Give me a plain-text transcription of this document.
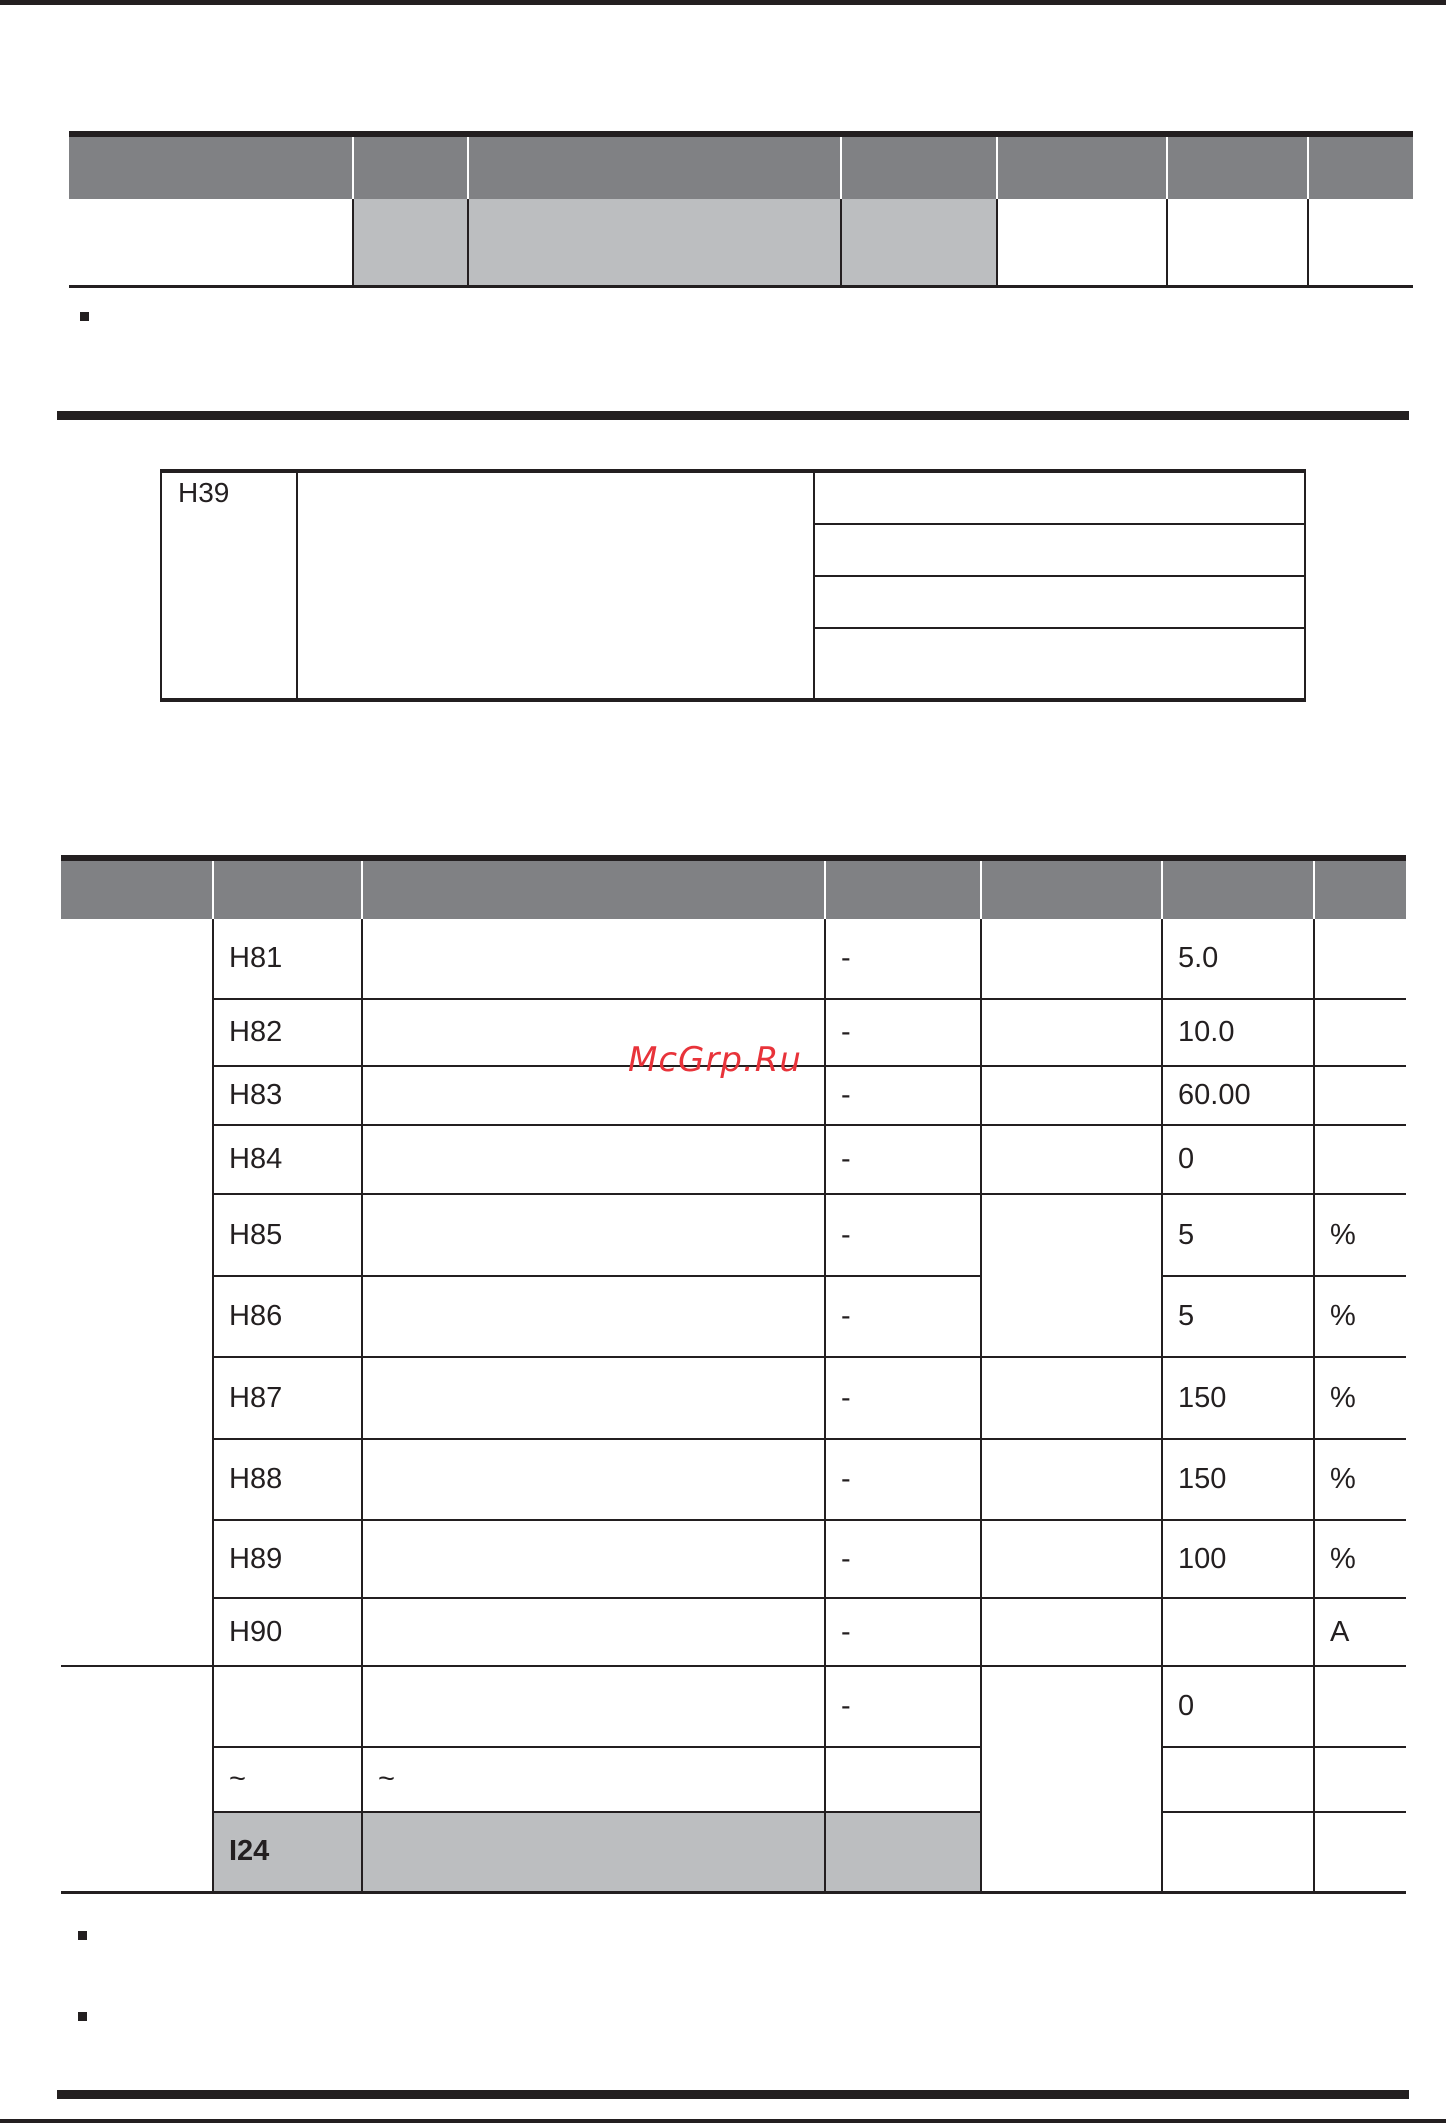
H39		

	H81		-		5.0	
	H82		-		10.0	
	H83		-		60.00	
	H84		-		0	
	H85		-		5	%
	H86		-		5	%
	H87		-		150	%
	H88		-		150	%
	H89		-		100	%
	H90		-			A
			-		0	
	~	~				
	I24					
McGrp.Ru
